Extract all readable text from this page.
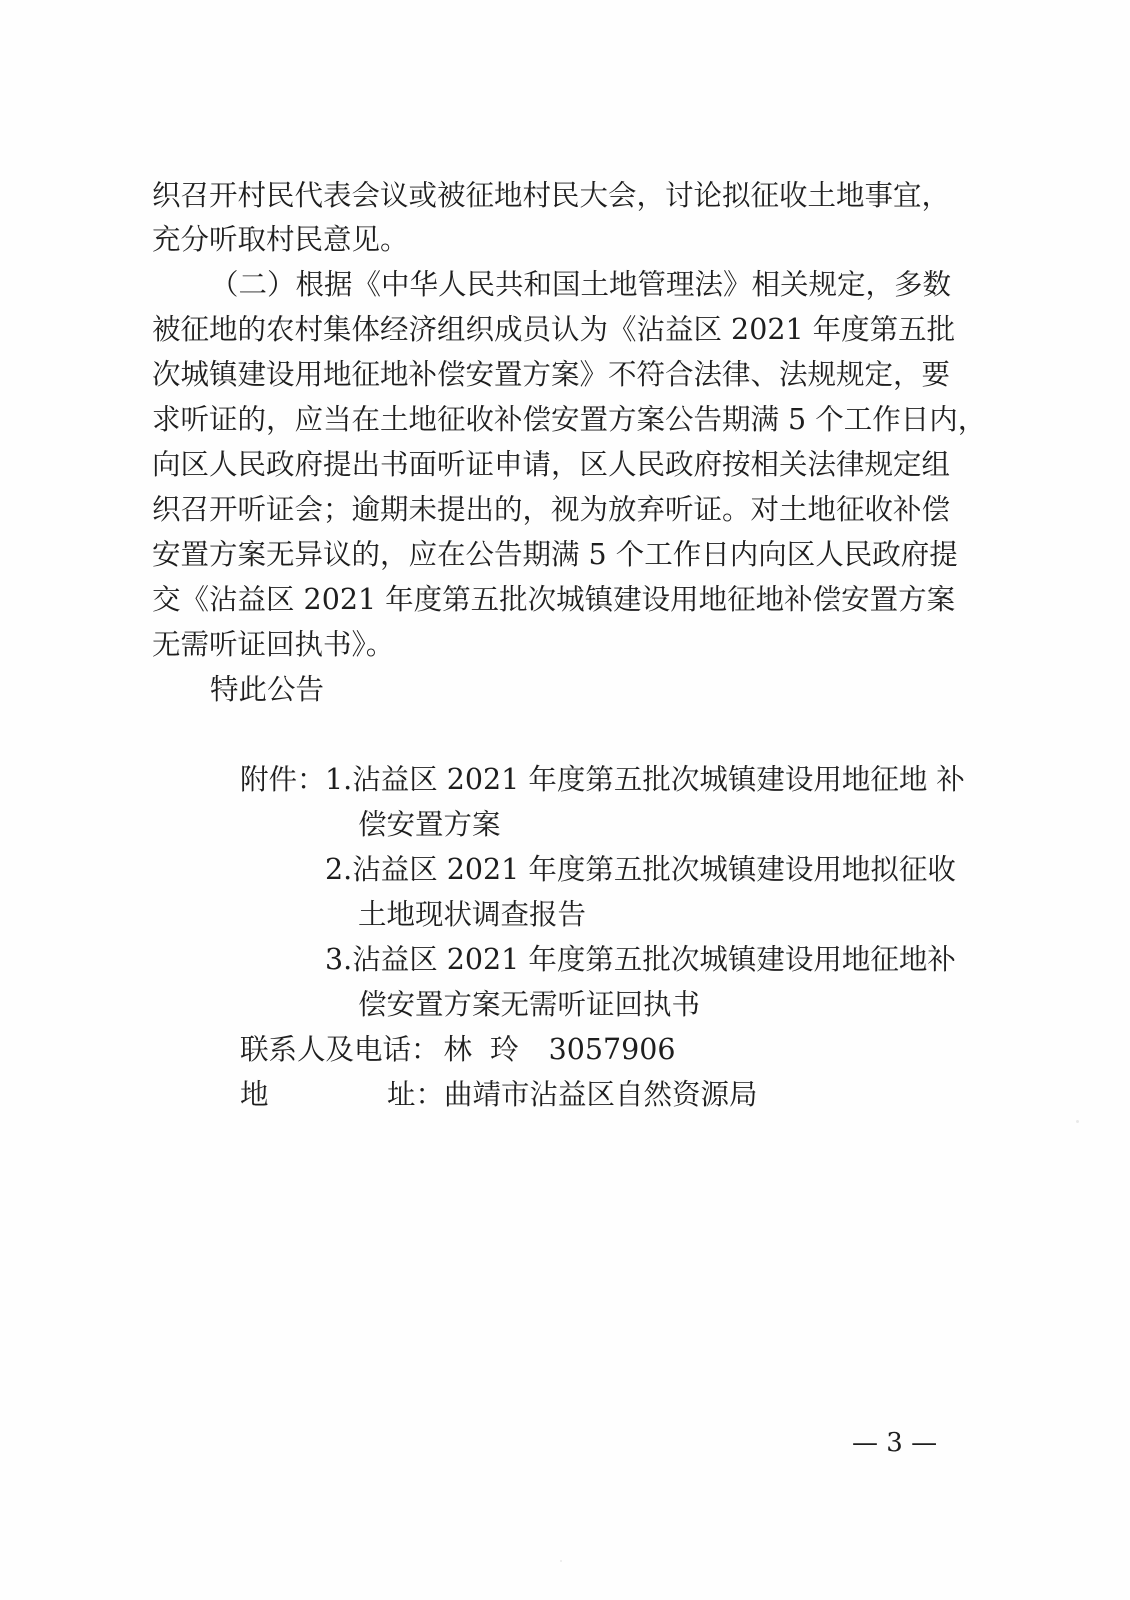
织召开村民代表会议或被征地村民大会，讨论拟征收土地事宜，
充分听取村民意见。
（二）根据《中华人民共和国土地管理法》相关规定，多数
被征地的农村集体经济组织成员认为《沾益区 2021 年度第五批
次城镇建设用地征地补偿安置方案》不符合法律、法规规定，要
求听证的，应当在土地征收补偿安置方案公告期满 5 个工作日内，
向区人民政府提出书面听证申请，区人民政府按相关法律规定组
织召开听证会；逾期未提出的，视为放弃听证。对土地征收补偿
安置方案无异议的，应在公告期满 5 个工作日内向区人民政府提
交《沾益区 2021 年度第五批次城镇建设用地征地补偿安置方案
无需听证回执书》。
特此公告
附件： 1.沾益区 2021 年度第五批次城镇建设用地征地 补
偿安置方案
2.沾益区 2021 年度第五批次城镇建设用地拟征收
土地现状调查报告
3.沾益区 2021 年度第五批次城镇建设用地征地补
偿安置方案无需听证回执书
联系人及电话： 林  玲 3057906
地	址：曲靖市沾益区自然资源局
— 3 —
